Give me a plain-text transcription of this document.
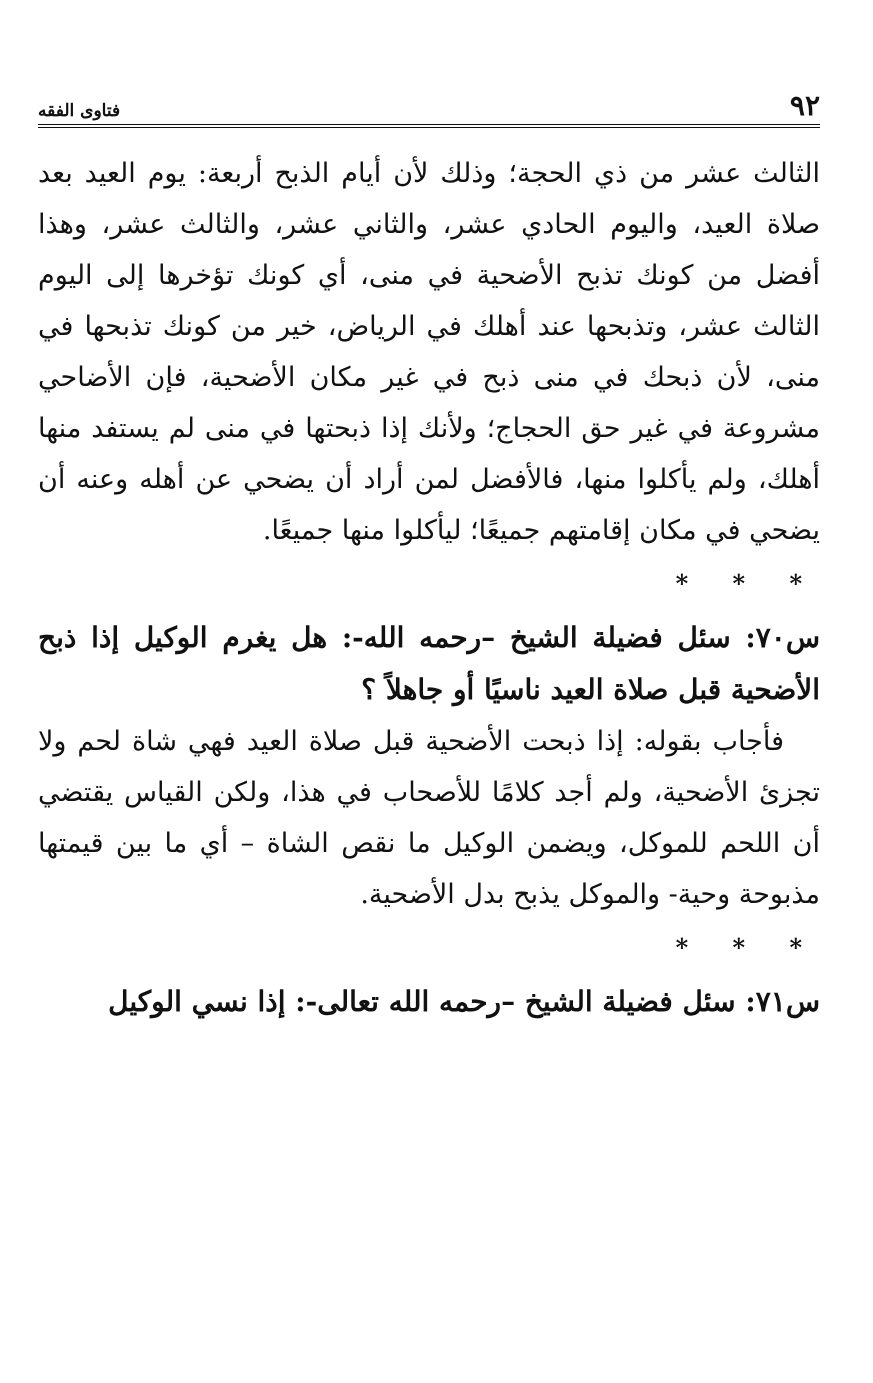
٩٢
فتاوى الفقه

الثالث عشر من ذي الحجة؛ وذلك لأن أيام الذبح أربعة: يوم العيد بعد صلاة العيد، واليوم الحادي عشر، والثاني عشر، والثالث عشر، وهذا أفضل من كونك تذبح الأضحية في منى، أي كونك تؤخرها إلى اليوم الثالث عشر، وتذبحها عند أهلك في الرياض، خير من كونك تذبحها في منى، لأن ذبحك في منى ذبح في غير مكان الأضحية، فإن الأضاحي مشروعة في غير حق الحجاج؛ ولأنك إذا ذبحتها في منى لم يستفد منها أهلك، ولم يأكلوا منها، فالأفضل لمن أراد أن يضحي عن أهله وعنه أن يضحي في مكان إقامتهم جميعًا؛ ليأكلوا منها جميعًا.

* * *

س٧٠: سئل فضيلة الشيخ –رحمه الله-: هل يغرم الوكيل إذا ذبح الأضحية قبل صلاة العيد ناسيًا أو جاهلاً ؟

فأجاب بقوله: إذا ذبحت الأضحية قبل صلاة العيد فهي شاة لحم ولا تجزئ الأضحية، ولم أجد كلامًا للأصحاب في هذا، ولكن القياس يقتضي أن اللحم للموكل، ويضمن الوكيل ما نقص الشاة – أي ما بين قيمتها مذبوحة وحية- والموكل يذبح بدل الأضحية.

* * *

س٧١: سئل فضيلة الشيخ –رحمه الله تعالى-: إذا نسي الوكيل
